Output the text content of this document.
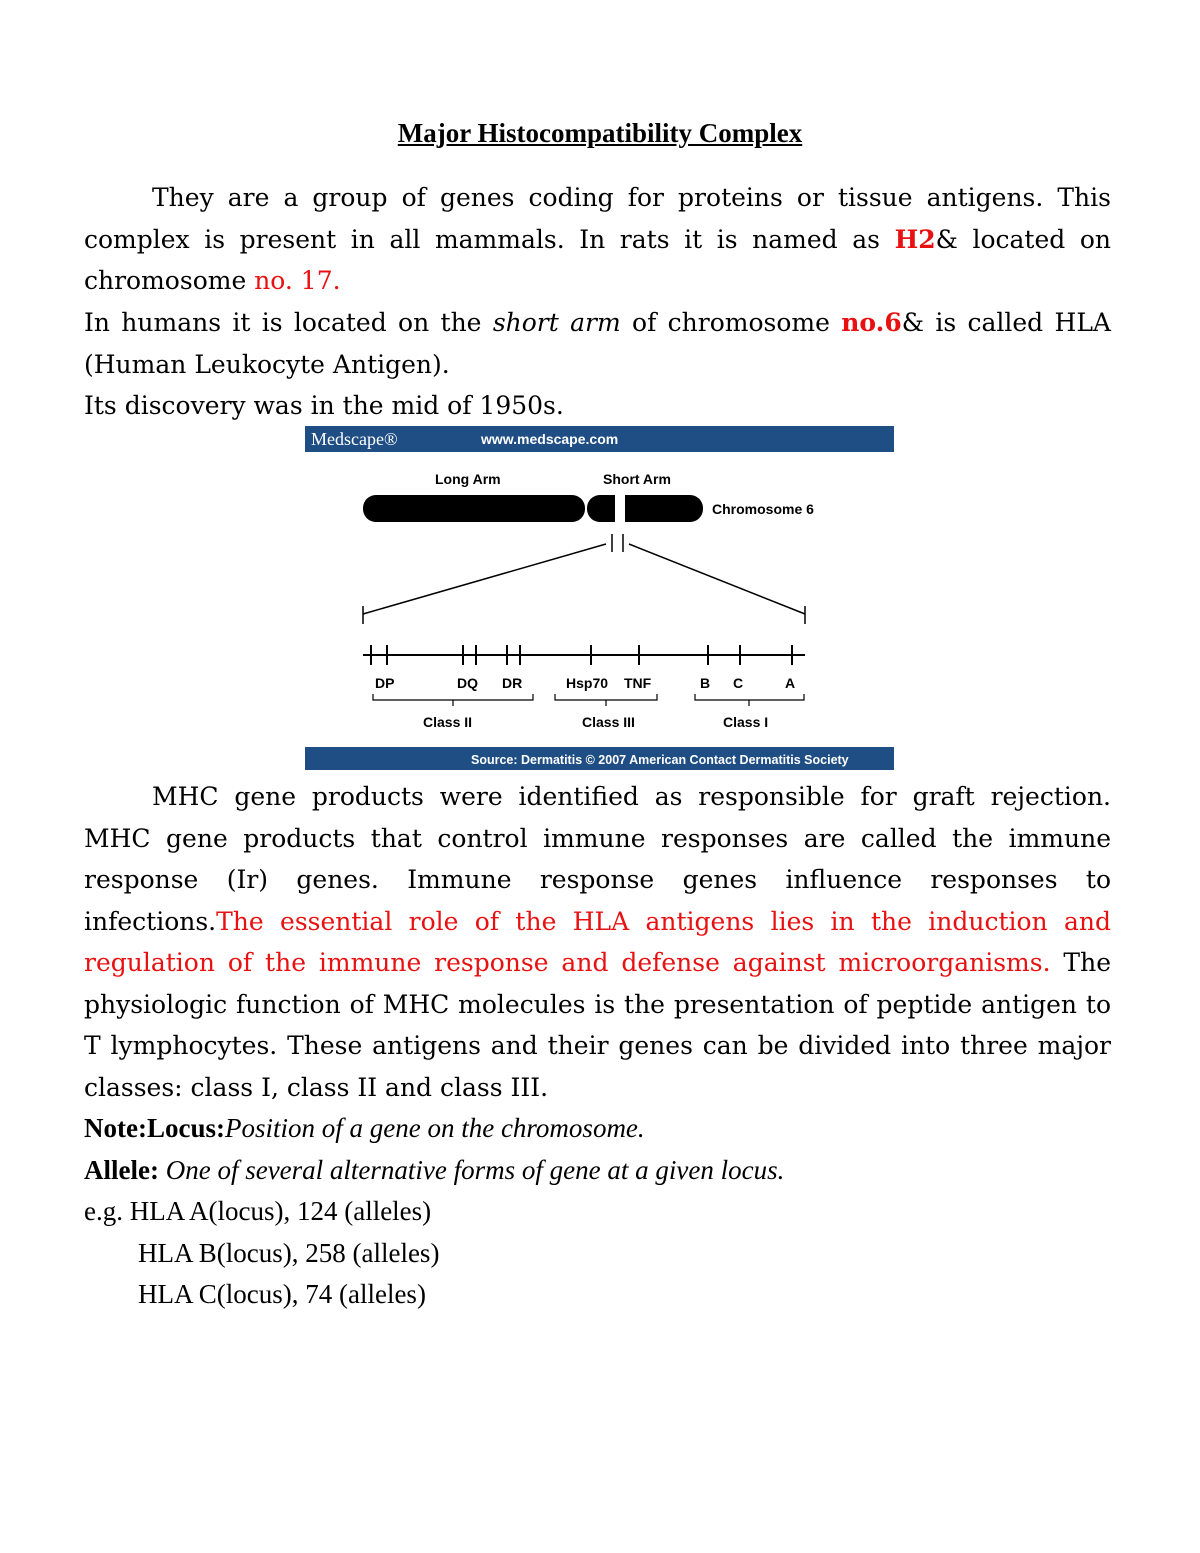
Major Histocompatibility Complex
They are a group of genes coding for proteins or tissue antigens. This complex is present in all mammals. In rats it is named as H2& located on chromosome no. 17.
In humans it is located on the short arm of chromosome no.6& is called HLA (Human Leukocyte Antigen).
Its discovery was in the mid of 1950s.
Medscape®	www.medscape.com
Long Arm	Short Arm
Chromosome 6
DP	DQ DR	Hsp70 TNF	B C	A
Class II	Class III	Class I
Source: Dermatitis © 2007 American Contact Dermatitis Society
MHC gene products were identified as responsible for graft rejection. MHC gene products that control immune responses are called the immune response (Ir) genes. Immune response genes influence responses to infections.The essential role of the HLA antigens lies in the induction and regulation of the immune response and defense against microorganisms. The physiologic function of MHC molecules is the presentation of peptide antigen to T lymphocytes. These antigens and their genes can be divided into three major classes: class I, class II and class III.
Note:Locus:Position of a gene on the chromosome.
Allele: One of several alternative forms of gene at a given locus.
e.g. HLA A(locus), 124 (alleles)
HLA B(locus), 258 (alleles)
HLA C(locus), 74 (alleles)
